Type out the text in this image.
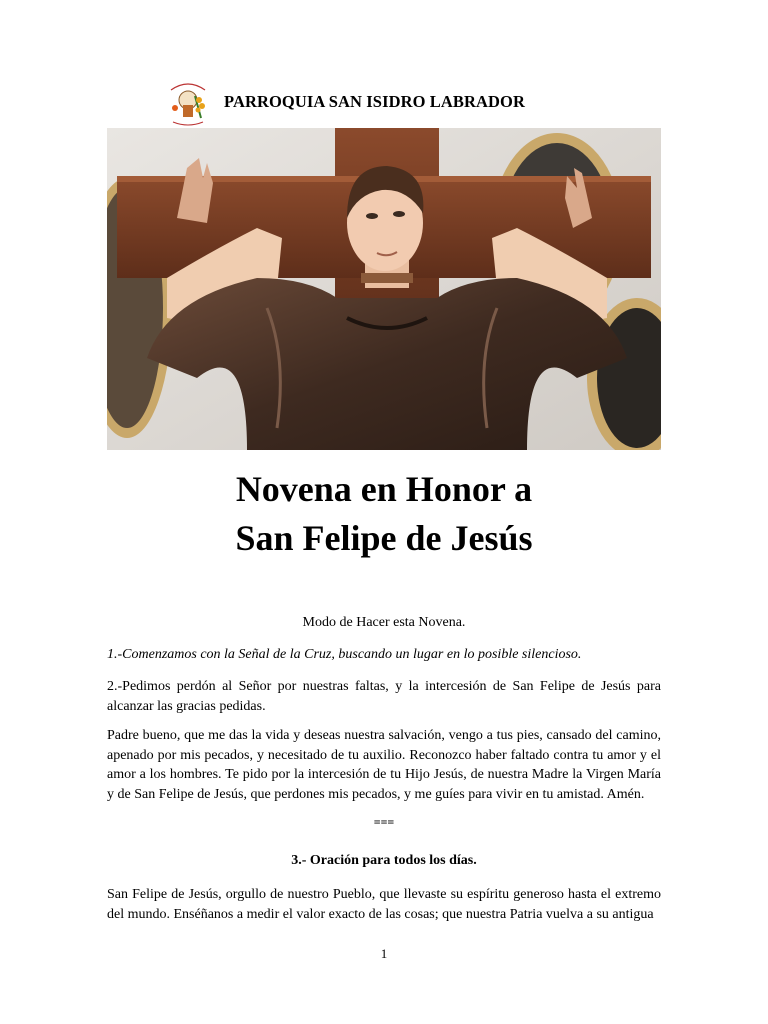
PARROQUIA SAN ISIDRO LABRADOR
Novena en Honor a
San Felipe de Jesús
Modo de Hacer esta Novena.
1.-Comenzamos con la Señal de la Cruz, buscando un lugar en lo posible silencioso.
2.-Pedimos perdón al Señor por nuestras faltas, y la intercesión de San Felipe de Jesús para alcanzar las gracias pedidas.
Padre bueno, que me das la vida y deseas nuestra salvación, vengo a tus pies, cansado del camino, apenado por mis pecados, y necesitado de tu auxilio. Reconozco haber faltado contra tu amor y el amor a los hombres. Te pido por la intercesión de tu Hijo Jesús, de nuestra Madre la Virgen María y de San Felipe de Jesús, que perdones mis pecados, y me guíes para vivir en tu amistad. Amén.
===
3.- Oración para todos los días.
San Felipe de Jesús, orgullo de nuestro Pueblo, que llevaste su espíritu generoso hasta el extremo del mundo. Enséñanos a medir el valor exacto de las cosas; que nuestra Patria vuelva a su antigua
1
